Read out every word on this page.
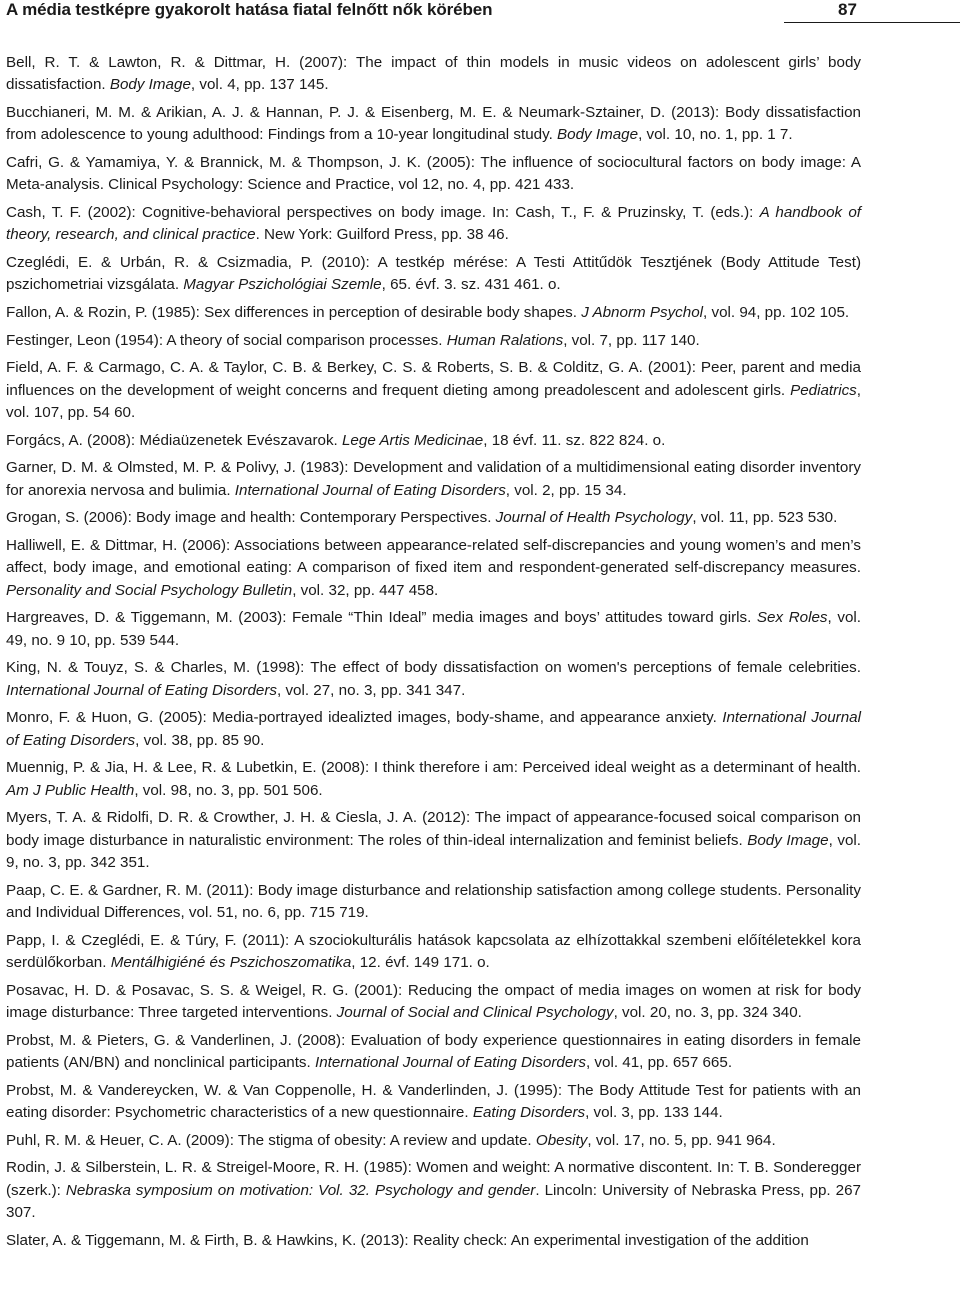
A média testképre gyakorolt hatása fiatal felnőtt nők körében	87

Bell, R. T. & Lawton, R. & Dittmar, H. (2007): The impact of thin models in music videos on adolescent girls’ body dissatisfaction. Body Image, vol. 4, pp. 137 145.

Bucchianeri, M. M. & Arikian, A. J. & Hannan, P. J. & Eisenberg, M. E. & Neumark-Sztainer, D. (2013): Body dissatisfaction from adolescence to young adulthood: Findings from a 10-year longitudinal study. Body Image, vol. 10, no. 1, pp. 1 7.

Cafri, G. & Yamamiya, Y. & Brannick, M. & Thompson, J. K. (2005): The influence of sociocultural factors on body image: A Meta-analysis. Clinical Psychology: Science and Practice, vol 12, no. 4, pp. 421 433.

Cash, T. F. (2002): Cognitive-behavioral perspectives on body image. In: Cash, T., F. & Pruzinsky, T. (eds.): A handbook of theory, research, and clinical practice. New York: Guilford Press, pp. 38 46.

Czeglédi, E. & Urbán, R. & Csizmadia, P. (2010): A testkép mérése: A Testi Attitűdök Tesztjének (Body Attitude Test) pszichometriai vizsgálata. Magyar Pszichológiai Szemle, 65. évf. 3. sz. 431 461. o.

Fallon, A. & Rozin, P. (1985): Sex differences in perception of desirable body shapes. J Abnorm Psychol, vol. 94, pp. 102 105.

Festinger, Leon (1954): A theory of social comparison processes. Human Ralations, vol. 7, pp. 117 140.

Field, A. F. & Carmago, C. A. & Taylor, C. B. & Berkey, C. S. & Roberts, S. B. & Colditz, G. A. (2001): Peer, parent and media influences on the development of weight concerns and frequent dieting among preadolescent and adolescent girls. Pediatrics, vol. 107, pp. 54 60.

Forgács, A. (2008): Médiaüzenetek Evészavarok. Lege Artis Medicinae, 18 évf. 11. sz. 822 824. o.

Garner, D. M. & Olmsted, M. P. & Polivy, J. (1983): Development and validation of a multidimensional eating disorder inventory for anorexia nervosa and bulimia. International Journal of Eating Disorders, vol. 2, pp. 15 34.

Grogan, S. (2006): Body image and health: Contemporary Perspectives. Journal of Health Psychology, vol. 11, pp. 523 530.

Halliwell, E. & Dittmar, H. (2006): Associations between appearance-related self-discrepancies and young women’s and men’s affect, body image, and emotional eating: A comparison of fixed item and respondent-generated self-discrepancy measures. Personality and Social Psychology Bulletin, vol. 32, pp. 447 458.

Hargreaves, D. & Tiggemann, M. (2003): Female “Thin Ideal” media images and boys’ attitudes toward girls. Sex Roles, vol. 49, no. 9 10, pp. 539 544.

King, N. & Touyz, S. & Charles, M. (1998): The effect of body dissatisfaction on women's perceptions of female celebrities. International Journal of Eating Disorders, vol. 27, no. 3, pp. 341 347.

Monro, F. & Huon, G. (2005): Media-portrayed idealizted images, body-shame, and appearance anxiety. International Journal of Eating Disorders, vol. 38, pp. 85 90.

Muennig, P. & Jia, H. & Lee, R. & Lubetkin, E. (2008): I think therefore i am: Perceived ideal weight as a determinant of health. Am J Public Health, vol. 98, no. 3, pp. 501 506.

Myers, T. A. & Ridolfi, D. R. & Crowther, J. H. & Ciesla, J. A. (2012): The impact of appearance-focused soical comparison on body image disturbance in naturalistic environment: The roles of thin-ideal internalization and feminist beliefs. Body Image, vol. 9, no. 3, pp. 342 351.

Paap, C. E. & Gardner, R. M. (2011): Body image disturbance and relationship satisfaction among college students. Personality and Individual Differences, vol. 51, no. 6, pp. 715 719.

Papp, I. & Czeglédi, E. & Túry, F. (2011): A szociokulturális hatások kapcsolata az elhízottakkal szembeni előítéletekkel kora serdülőkorban. Mentálhigiéné és Pszichoszomatika, 12. évf. 149 171. o.

Posavac, H. D. & Posavac, S. S. & Weigel, R. G. (2001): Reducing the ompact of media images on women at risk for body image disturbance: Three targeted interventions. Journal of Social and Clinical Psychology, vol. 20, no. 3, pp. 324 340.

Probst, M. & Pieters, G. & Vanderlinen, J. (2008): Evaluation of body experience questionnaires in eating disorders in female patients (AN/BN) and nonclinical participants. International Journal of Eating Disorders, vol. 41, pp. 657 665.

Probst, M. & Vandereycken, W. & Van Coppenolle, H. & Vanderlinden, J. (1995): The Body Attitude Test for patients with an eating disorder: Psychometric characteristics of a new questionnaire. Eating Disorders, vol. 3, pp. 133 144.

Puhl, R. M. & Heuer, C. A. (2009): The stigma of obesity: A review and update. Obesity, vol. 17, no. 5, pp. 941 964.

Rodin, J. & Silberstein, L. R. & Streigel-Moore, R. H. (1985): Women and weight: A normative discontent. In: T. B. Sonderegger (szerk.): Nebraska symposium on motivation: Vol. 32. Psychology and gender. Lincoln: University of Nebraska Press, pp. 267 307.

Slater, A. & Tiggemann, M. & Firth, B. & Hawkins, K. (2013): Reality check: An experimental investigation of the addition
